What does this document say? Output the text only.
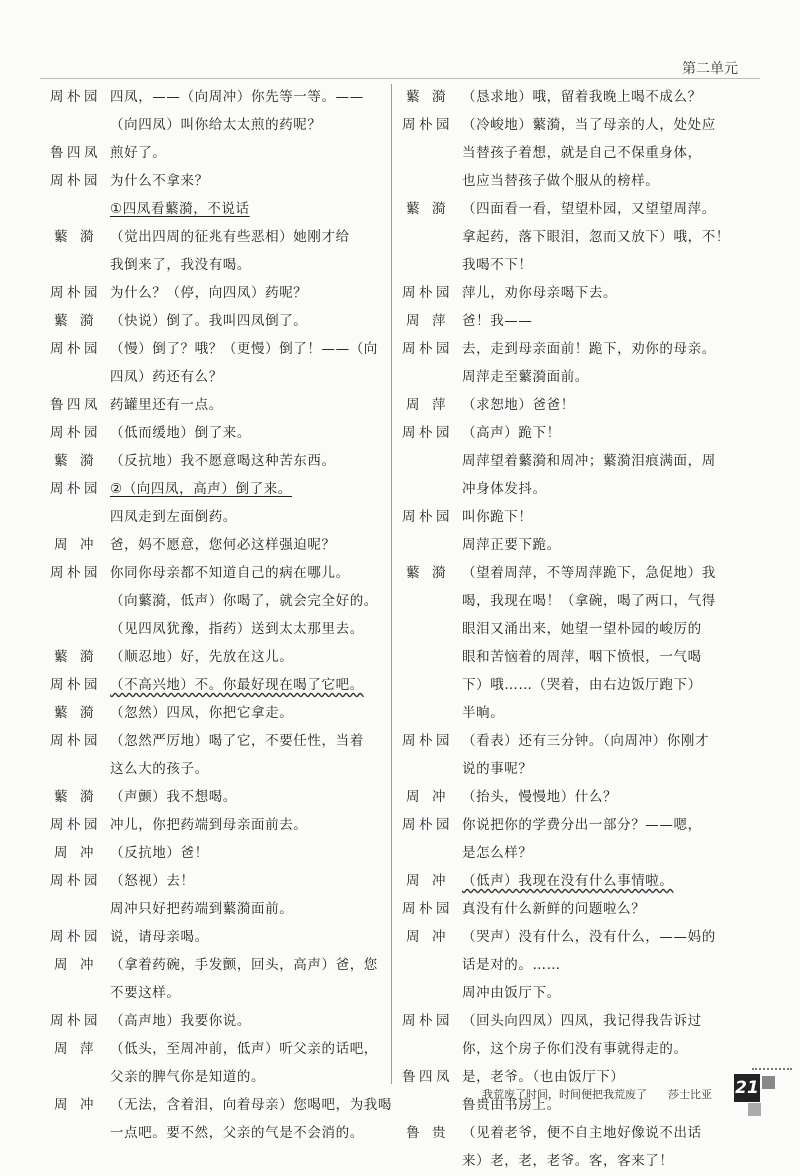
第二单元
周朴园 四凤，——（向周冲）你先等一等。——
（向四凤）叫你给太太煎的药呢？
鲁四凤 煎好了。
周朴园 为什么不拿来？
①四凤看蘩漪，不说话
蘩 漪	（觉出四周的征兆有些恶相）她刚才给
我倒来了，我没有喝。
周朴园 为什么？（停，向四凤）药呢？
蘩 漪	（快说）倒了。我叫四凤倒了。
周朴园 （慢）倒了？哦？（更慢）倒了！——（向
四凤）药还有么？
鲁四凤 药罐里还有一点。
周朴园 （低而缓地）倒了来。
蘩 漪	（反抗地）我不愿意喝这种苦东西。
周朴园 ②（向四凤，高声）倒了来。
四凤走到左面倒药。
周 冲	爸，妈不愿意，您何必这样强迫呢？
周朴园 你同你母亲都不知道自己的病在哪儿。
（向蘩漪，低声）你喝了，就会完全好的。
（见四凤犹豫，指药）送到太太那里去。
蘩 漪	（顺忍地）好，先放在这儿。
周朴园 （不高兴地）不。你最好现在喝了它吧。
蘩 漪	（忽然）四凤，你把它拿走。
周朴园 （忽然严厉地）喝了它，不要任性，当着
这么大的孩子。
蘩 漪	（声颤）我不想喝。
周朴园 冲儿，你把药端到母亲面前去。
周 冲	（反抗地）爸！
周朴园 （怒视）去！
周冲只好把药端到蘩漪面前。
周朴园 说，请母亲喝。
周 冲	（拿着药碗，手发颤，回头，高声）爸，您
不要这样。
周朴园 （高声地）我要你说。
周 萍	（低头，至周冲前，低声）听父亲的话吧，
父亲的脾气你是知道的。
周 冲	（无法，含着泪，向着母亲）您喝吧，为我喝
一点吧。要不然，父亲的气是不会消的。
蘩 漪	（恳求地）哦，留着我晚上喝不成么？
周朴园 （冷峻地）蘩漪，当了母亲的人，处处应
当替孩子着想，就是自己不保重身体，
也应当替孩子做个服从的榜样。
蘩 漪	（四面看一看，望望朴园，又望望周萍。
拿起药，落下眼泪，忽而又放下）哦，不！
我喝不下！
周朴园 萍儿，劝你母亲喝下去。
周 萍	爸！我——
周朴园 去，走到母亲面前！跪下，劝你的母亲。
周萍走至蘩漪面前。
周 萍	（求恕地）爸爸！
周朴园 （高声）跪下！
周萍望着蘩漪和周冲；蘩漪泪痕满面，周
冲身体发抖。
周朴园 叫你跪下！
周萍正要下跪。
蘩 漪	（望着周萍，不等周萍跪下，急促地）我
喝，我现在喝！（拿碗，喝了两口，气得
眼泪又涌出来，她望一望朴园的峻厉的
眼和苦恼着的周萍，咽下愤恨，一气喝
下）哦……（哭着，由右边饭厅跑下）
半晌。
周朴园 （看表）还有三分钟。（向周冲）你刚才
说的事呢？
周 冲	（抬头，慢慢地）什么？
周朴园 你说把你的学费分出一部分？——嗯，
是怎么样？
周 冲	（低声）我现在没有什么事情啦。
周朴园 真没有什么新鲜的问题啦么？
周 冲	（哭声）没有什么，没有什么，——妈的
话是对的。……
周冲由饭厅下。
周朴园 （回头向四凤）四凤，我记得我告诉过
你，这个房子你们没有事就得走的。
鲁四凤 是，老爷。（也由饭厅下）
鲁贵由书房上。
鲁 贵	（见着老爷，便不自主地好像说不出话
来）老，老，老爷。客，客来了！
我荒废了时间，时间便把我荒废了 莎士比亚 21
